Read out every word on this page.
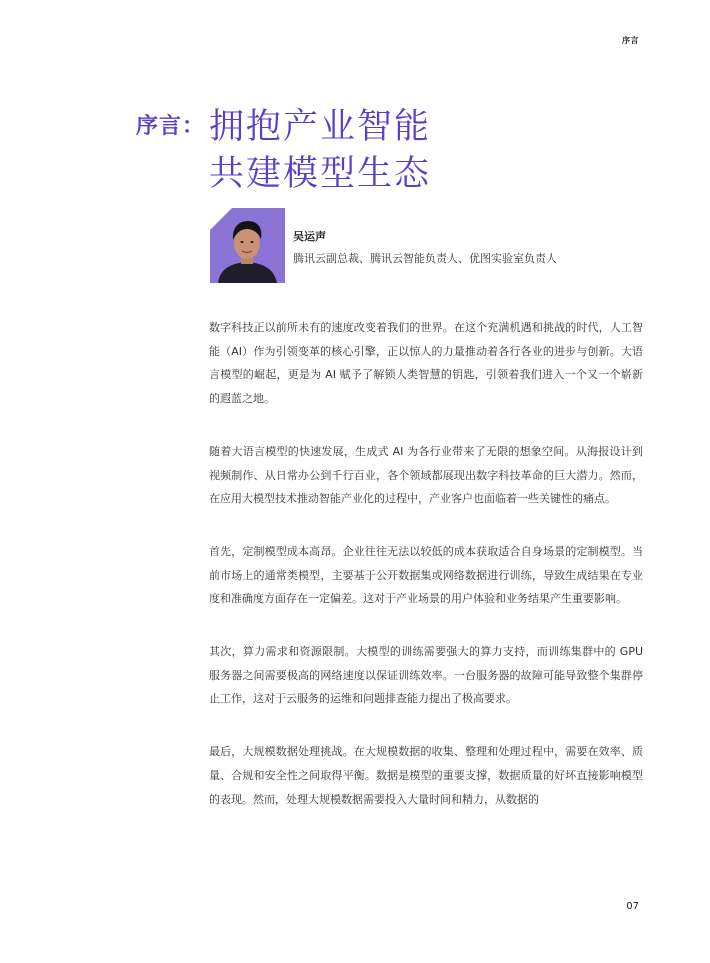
序言
序言： 拥抱产业智能
共建模型生态
吴运声
腾讯云副总裁、腾讯云智能负责人、优图实验室负责人

数字科技正以前所未有的速度改变着我们的世界。在这个充满机遇和挑战的时代，人工智能（AI）作为引领变革的核心引擎，正以惊人的力量推动着各行各业的进步与创新。大语言模型的崛起，更是为 AI 赋予了解锁人类智慧的钥匙，引领着我们进入一个又一个崭新的遐蓝之地。

随着大语言模型的快速发展，生成式 AI 为各行业带来了无限的想象空间。从海报设计到视频制作、从日常办公到千行百业，各个领域都展现出数字科技革命的巨大潜力。然而，在应用大模型技术推动智能产业化的过程中，产业客户也面临着一些关键性的痛点。

首先，定制模型成本高昂。企业往往无法以较低的成本获取适合自身场景的定制模型。当前市场上的通常类模型，主要基于公开数据集或网络数据进行训练，导致生成结果在专业度和准确度方面存在一定偏差。这对于产业场景的用户体验和业务结果产生重要影响。

其次，算力需求和资源限制。大模型的训练需要强大的算力支持，而训练集群中的 GPU 服务器之间需要极高的网络速度以保证训练效率。一台服务器的故障可能导致整个集群停止工作，这对于云服务的运维和问题排查能力提出了极高要求。

最后，大规模数据处理挑战。在大规模数据的收集、整理和处理过程中，需要在效率、质量、合规和安全性之间取得平衡。数据是模型的重要支撑，数据质量的好坏直接影响模型的表现。然而，处理大规模数据需要投入大量时间和精力，从数据的

07
